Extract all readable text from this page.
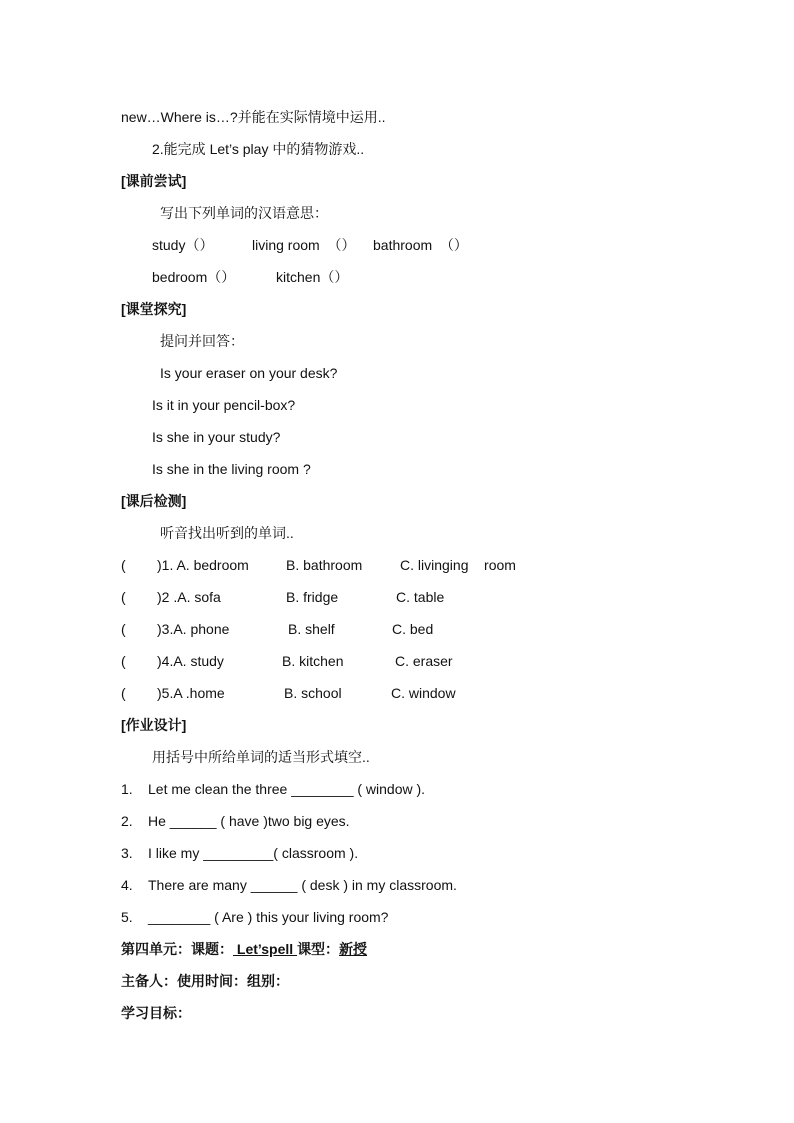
new…Where is…?并能在实际情境中运用..
2.能完成 Let’s play 中的猜物游戏..
[课前尝试]
写出下列单词的汉语意思：
study（）	living room  （） bathroom  （）
bedroom（）	kitchen（）
[课堂探究]
提问并回答：
Is your eraser on your desk?
Is it in your pencil-box?
Is she in your study?
Is she in the living room ?
[课后检测]
听音找出听到的单词..
( )1. A. bedroom	B. bathroom	C. livinging    room
( )2 .A. sofa	B. fridge	C. table
( )3.A. phone	B. shelf	C. bed
( )4.A. study	B. kitchen	C. eraser
( )5.A .home	B. school	C. window
[作业设计]
用括号中所给单词的适当形式填空..
1. Let me clean the three ________ ( window ).
2. He ______ ( have )two big eyes.
3. I like my _________( classroom ).
4. There are many ______ ( desk ) in my classroom.
5. ________ ( Are ) this your living room?
第四单元：课题： Let’spell 课型：新授
主备人：使用时间：组别：
学习目标：
